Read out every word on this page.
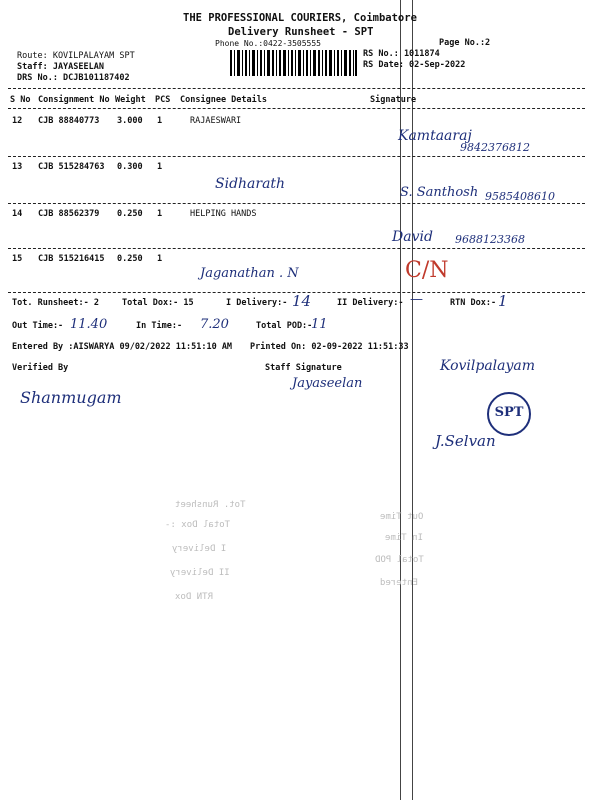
THE PROFESSIONAL COURIERS, Coimbatore
Delivery Runsheet - SPT
Phone No.:0422-3505555	Page No.:2
Route: KOVILPALAYAM SPT
Staff: JAYASEELAN
DRS No.: DCJB101187402
RS No.: 1011874
RS Date: 02-Sep-2022
S No Consignment No Weight PCS Consignee Details	Signature
12 CJB 88840773 3.000 1	RAJAESWARI
Kamtaaraj
9842376812
13 CJB 515284763 0.300 1
Sidharath
S. Santhosh 9585408610
14 CJB 88562379 0.250 1	HELPING HANDS
David 9688123368
15 CJB 515216415 0.250 1
Jaganathan . N	C/N
Tot. Runsheet:- 2	Total Dox:- 15	I Delivery:- 14	II Delivery:- —	RTN Dox:- 1
Out Time:- 11.40	In Time:- 7.20	Total POD:-
11
Entered By :AISWARYA 09/02/2022 11:51:10 AM Printed On: 02-09-2022 11:51:33
Verified By	Staff Signature
Shanmugam
Jayaseelan
Kovilpalayam
J.Selvan
SPT
Tot. Runsheet
Total Dox :-
I Delivery
II Delivery
RTN Dox
Out Time
In Time
Total POD
Entered
